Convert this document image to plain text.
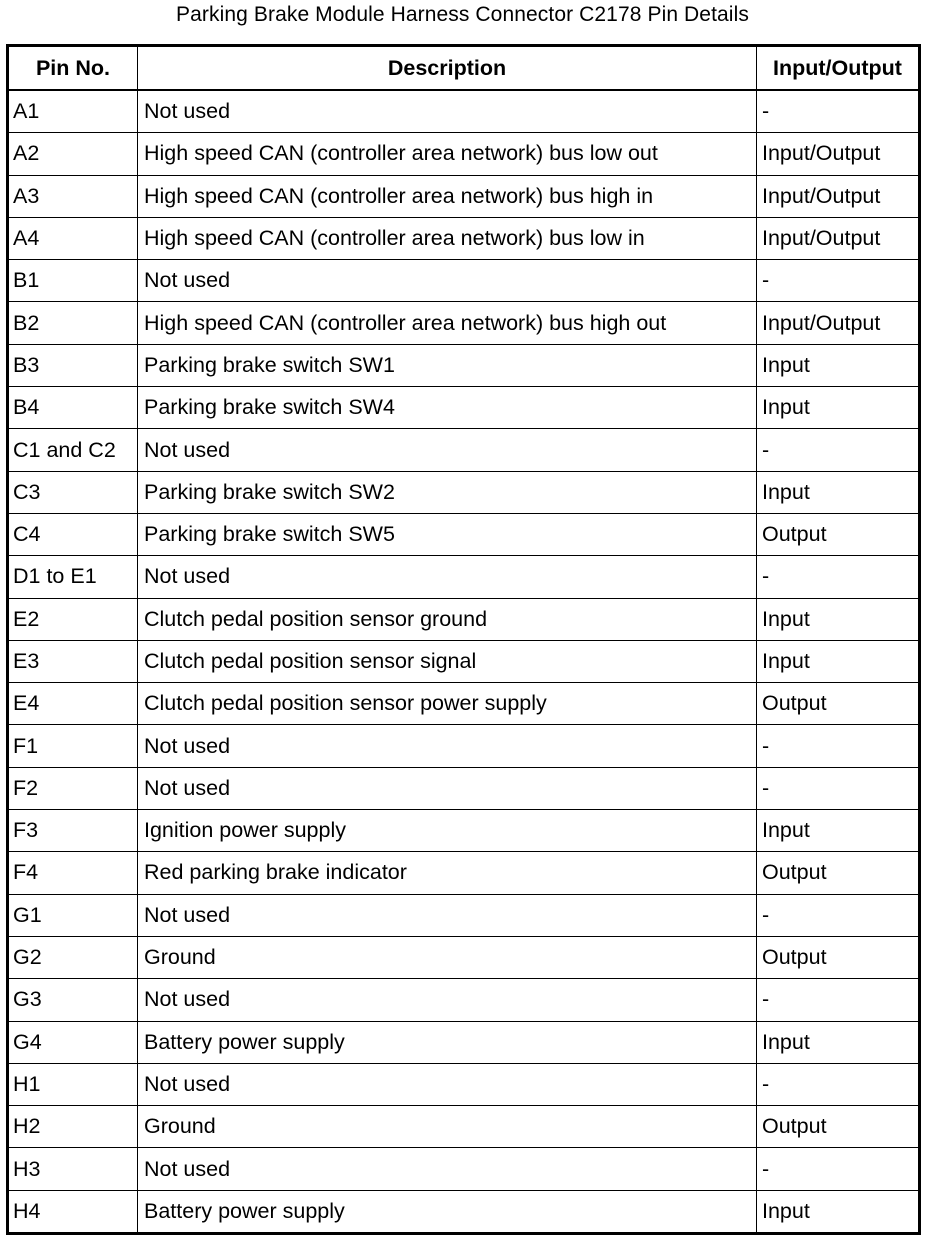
Parking Brake Module Harness Connector C2178 Pin Details
Pin No.	Description	Input/Output
A1	Not used	-
A2	High speed CAN (controller area network) bus low out	Input/Output
A3	High speed CAN (controller area network) bus high in	Input/Output
A4	High speed CAN (controller area network) bus low in	Input/Output
B1	Not used	-
B2	High speed CAN (controller area network) bus high out	Input/Output
B3	Parking brake switch SW1	Input
B4	Parking brake switch SW4	Input
C1 and C2	Not used	-
C3	Parking brake switch SW2	Input
C4	Parking brake switch SW5	Output
D1 to E1	Not used	-
E2	Clutch pedal position sensor ground	Input
E3	Clutch pedal position sensor signal	Input
E4	Clutch pedal position sensor power supply	Output
F1	Not used	-
F2	Not used	-
F3	Ignition power supply	Input
F4	Red parking brake indicator	Output
G1	Not used	-
G2	Ground	Output
G3	Not used	-
G4	Battery power supply	Input
H1	Not used	-
H2	Ground	Output
H3	Not used	-
H4	Battery power supply	Input
